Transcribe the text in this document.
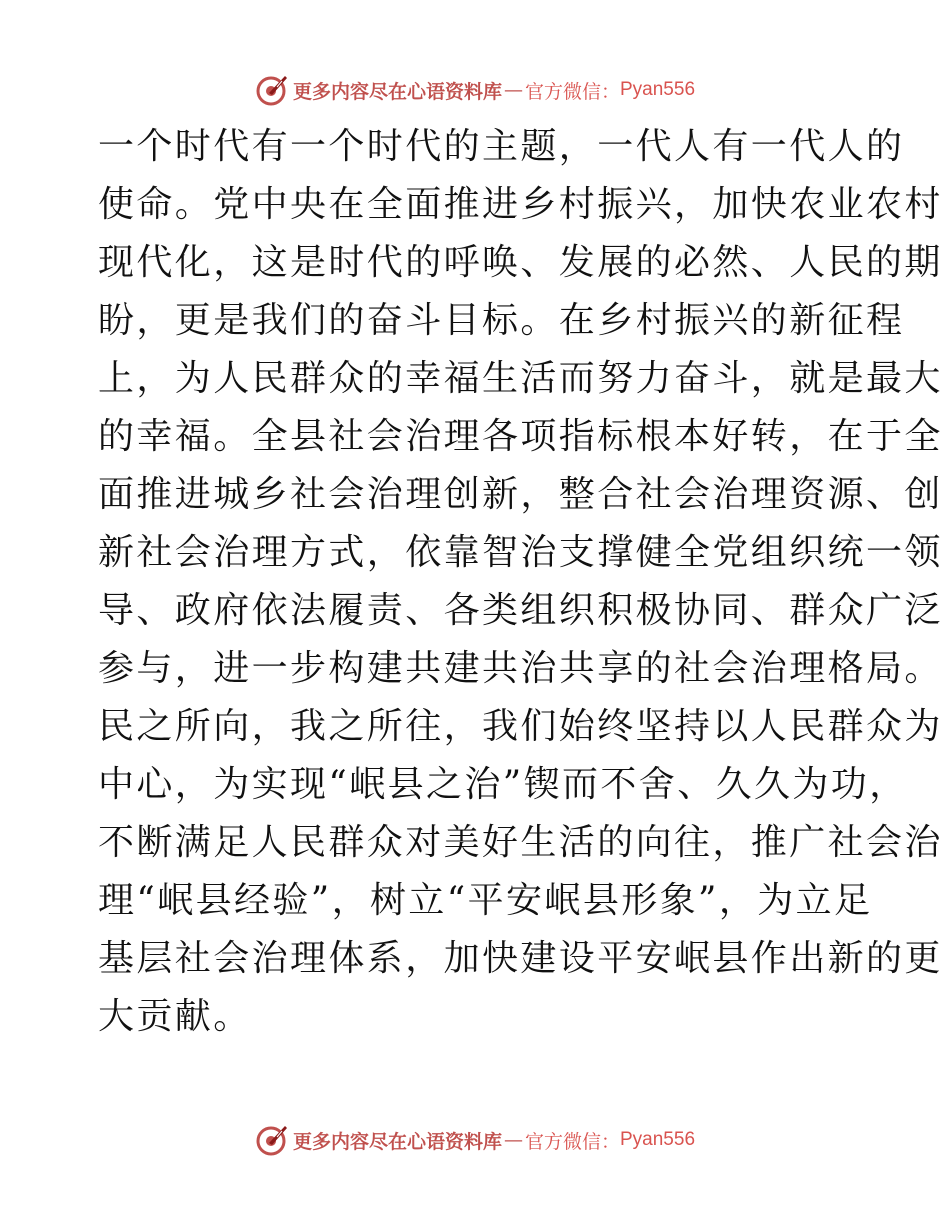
更多内容尽在心语资料库 — 官方微信： Pyan556
一个时代有一个时代的主题，一代人有一代人的
使命。党中央在全面推进乡村振兴，加快农业农村
现代化，这是时代的呼唤、发展的必然、人民的期
盼，更是我们的奋斗目标。在乡村振兴的新征程
上，为人民群众的幸福生活而努力奋斗，就是最大
的幸福。全县社会治理各项指标根本好转，在于全
面推进城乡社会治理创新，整合社会治理资源、创
新社会治理方式，依靠智治支撑健全党组织统一领
导、政府依法履责、各类组织积极协同、群众广泛
参与，进一步构建共建共治共享的社会治理格局。
民之所向，我之所往，我们始终坚持以人民群众为
中心，为实现“岷县之治”锲而不舍、久久为功，
不断满足人民群众对美好生活的向往，推广社会治
理“岷县经验”，树立“平安岷县形象”，为立足
基层社会治理体系，加快建设平安岷县作出新的更
大贡献。
更多内容尽在心语资料库 — 官方微信： Pyan556
